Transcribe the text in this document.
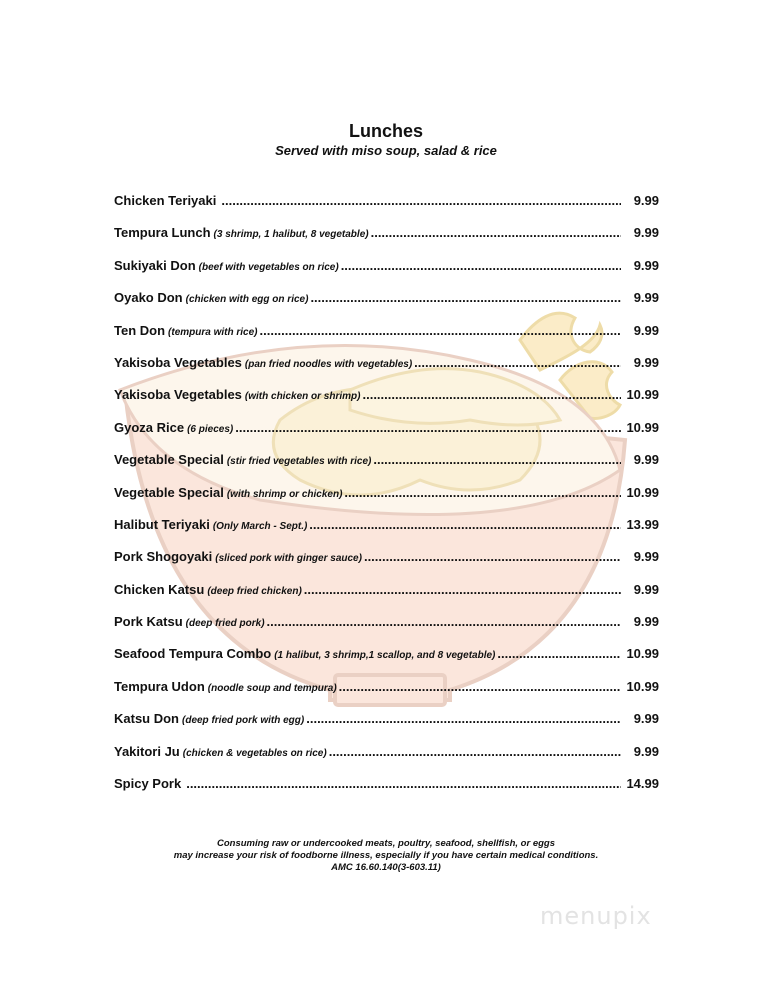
Lunches
Served with miso soup, salad & rice
Chicken Teriyaki .....	9.99
Tempura Lunch (3 shrimp, 1 halibut, 8 vegetable) .....	9.99
Sukiyaki Don (beef with vegetables on rice) .....	9.99
Oyako Don (chicken with egg on rice) .....	9.99
Ten Don (tempura with rice) .....	9.99
Yakisoba Vegetables (pan fried noodles with vegetables) .....	9.99
Yakisoba Vegetables (with chicken or shrimp) .....	10.99
Gyoza Rice (6 pieces) .....	10.99
Vegetable Special (stir fried vegetables with rice) .....	9.99
Vegetable Special (with shrimp or chicken) .....	10.99
Halibut Teriyaki (Only March - Sept.) .....	13.99
Pork Shogoyaki (sliced pork with ginger sauce) .....	9.99
Chicken Katsu (deep fried chicken) .....	9.99
Pork Katsu (deep fried pork) .....	9.99
Seafood Tempura Combo (1 halibut, 3 shrimp,1 scallop, and 8 vegetable) .....	10.99
Tempura Udon (noodle soup and tempura) .....	10.99
Katsu Don (deep fried pork with egg) .....	9.99
Yakitori Ju (chicken & vegetables on rice) .....	9.99
Spicy Pork .....	14.99
Consuming raw or undercooked meats, poultry, seafood, shellfish, or eggs
may increase your risk of foodborne illness, especially if you have certain medical conditions.
AMC 16.60.140(3-603.11)
menupix
